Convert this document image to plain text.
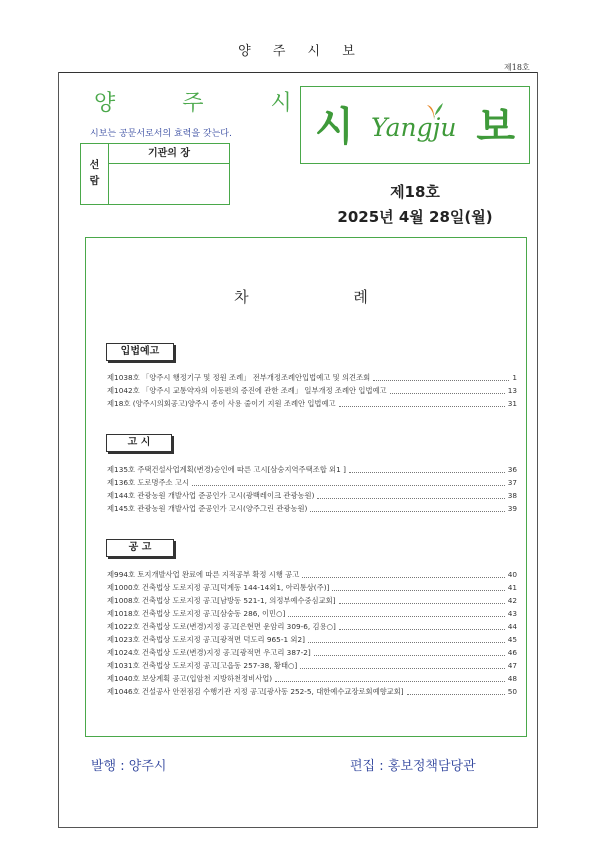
양 주 시 보
제18호
양 주 시
시보는 공문서로서의 효력을 갖는다.
선
람
기관의 장
시 Yangju 보
제18호
2025년 4월 28일(월)
차 례
입법예고
제1038호 「양주시 행정기구 및 정원 조례」 전부개정조례안입법예고 및 의견조회	1
제1042호 「양주시 교통약자의 이동편의 증진에 관한 조례」 일부개정 조례안 입법예고	13
제18호 (양주시의회공고)양주시 종이 사용 줄이기 지원 조례안 입법예고	31
고 시
제135호 주택건설사업계획(변경)승인에 따른 고시[삼숭지역주택조합 외1 ]	36
제136호 도로명주소 고시	37
제144호 관광농원 개발사업 준공인가 고시(광백레이크 관광농원)	38
제145호 관광농원 개발사업 준공인가 고시(양주그린 관광농원)	39
공 고
제994호 토지개발사업 완료에 따른 지적공부 확정 시행 공고	40
제1000호 건축법상 도로지정 공고[덕계동 144-14외1, 아리통상(주)]	41
제1008호 건축법상 도로지정 공고[남방동 521-1, 의정부예수중심교회]	42
제1018호 건축법상 도로지정 공고[삼숭동 286, 이민○]	43
제1022호 건축법상 도로(변경)지정 공고[은현면 운암리 309-6, 김용○]	44
제1023호 건축법상 도로지정 공고[광적면 덕도리 965-1 외2]	45
제1024호 건축법상 도로(변경)지정 공고[광적면 우고리 387-2]	46
제1031호 건축법상 도로지정 공고[고읍동 257-38, 황태○]	47
제1040호 보상계획 공고(입암천 지방하천정비사업)	48
제1046호 건설공사 안전점검 수행기관 지정 공고[광사동 252-5, 대한예수교장로회예향교회]	50
발행 : 양주시	편집 : 홍보정책담당관
